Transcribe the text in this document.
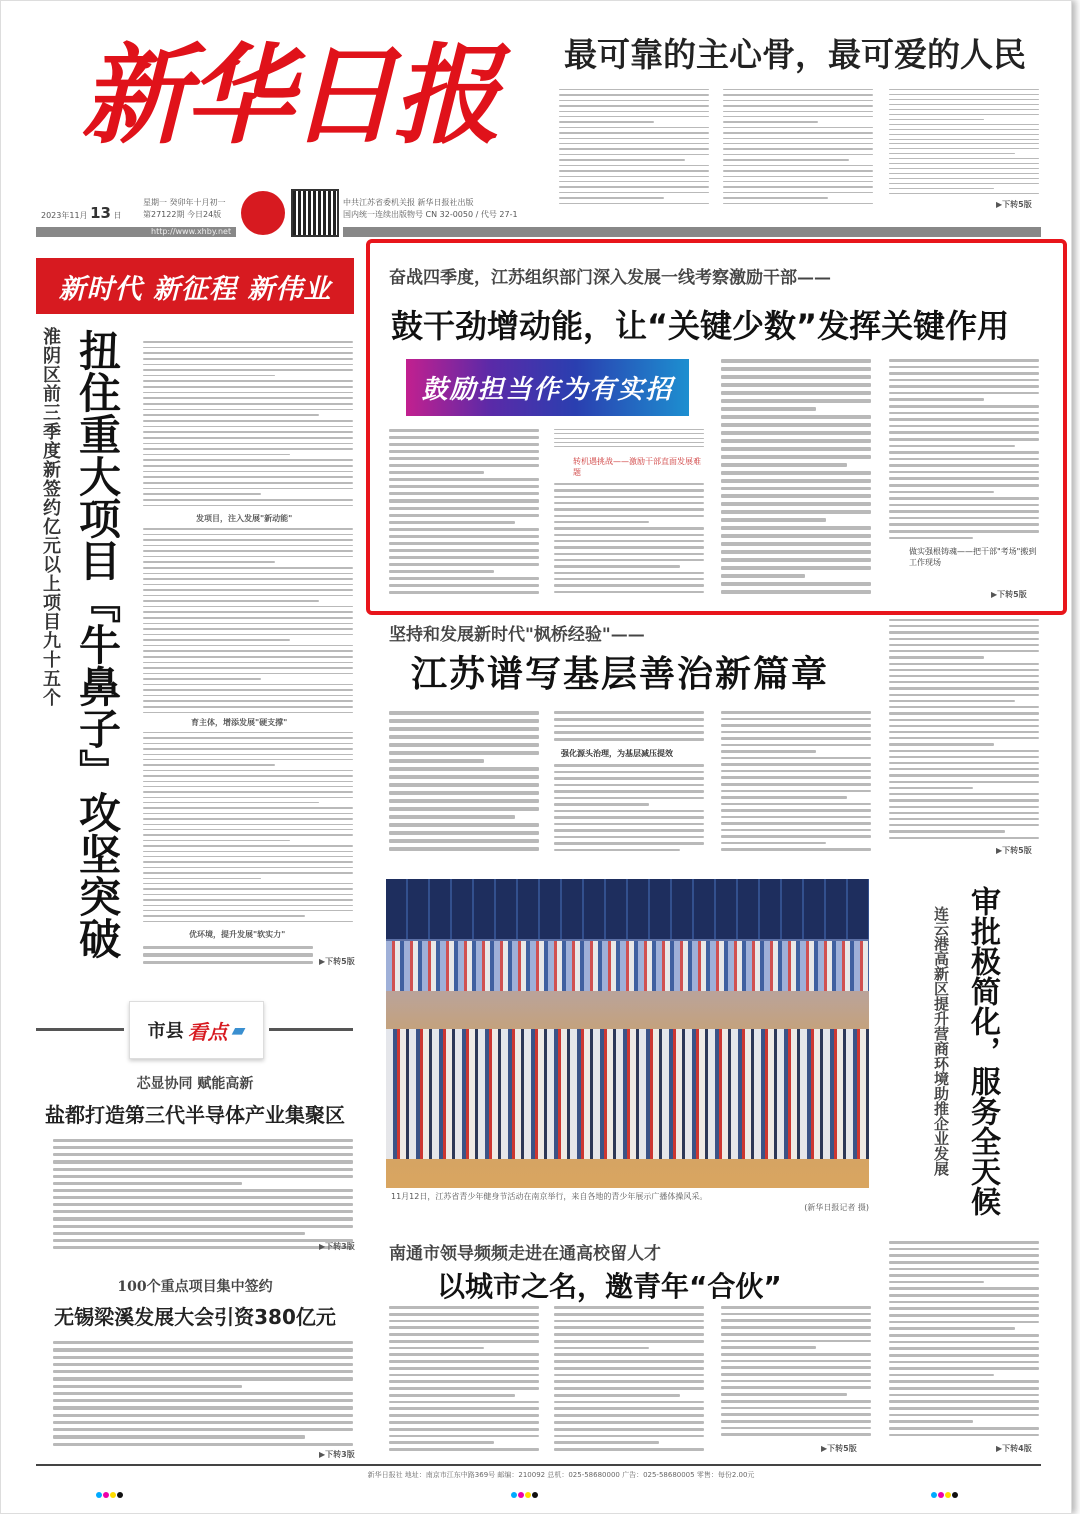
新华日报
2023年11月 13 日
星期一 癸卯年十月初一
第27122期 今日24版
中共江苏省委机关报 新华日报社出版
国内统一连续出版物号 CN 32-0050 / 代号 27-1
http://www.xhby.net
最可靠的主心骨，最可爱的人民
▶下转5版
新时代 新征程 新伟业
淮阴区前三季度新签约亿元以上项目九十五个 扭住重大项目『牛鼻子』攻坚突破	发项目，注入发展"新动能"
育主体，增添发展"硬支撑"
优环境，提升发展"软实力"
▶下转5版
市县 看点 ▰
芯显协同 赋能高新
盐都打造第三代半导体产业集聚区
▶下转3版
100个重点项目集中签约
无锡梁溪发展大会引资380亿元
▶下转3版
奋战四季度，江苏组织部门深入发展一线考察激励干部——
鼓干劲增动能，让“关键少数”发挥关键作用
鼓励担当作为有实招
转机遇挑战——激励干部直面发展难题
做实强根铸魂——把干部"考场"搬到工作现场
▶下转5版
坚持和发展新时代"枫桥经验"——
江苏谱写基层善治新篇章
强化源头治理，为基层减压提效
▶下转5版
11月12日，江苏省青少年健身节活动在南京举行，来自各地的青少年展示广播体操风采。
(新华日报记者 摄)	审批极简化，服务全天候
连云港高新区提升营商环境助推企业发展
▶下转4版
南通市领导频频走进在通高校留人才
以城市之名，邀青年“合伙”
▶下转5版
新华日报社 地址：南京市江东中路369号 邮编：210092 总机：025-58680000 广告：025-58680005 零售：每份2.00元
